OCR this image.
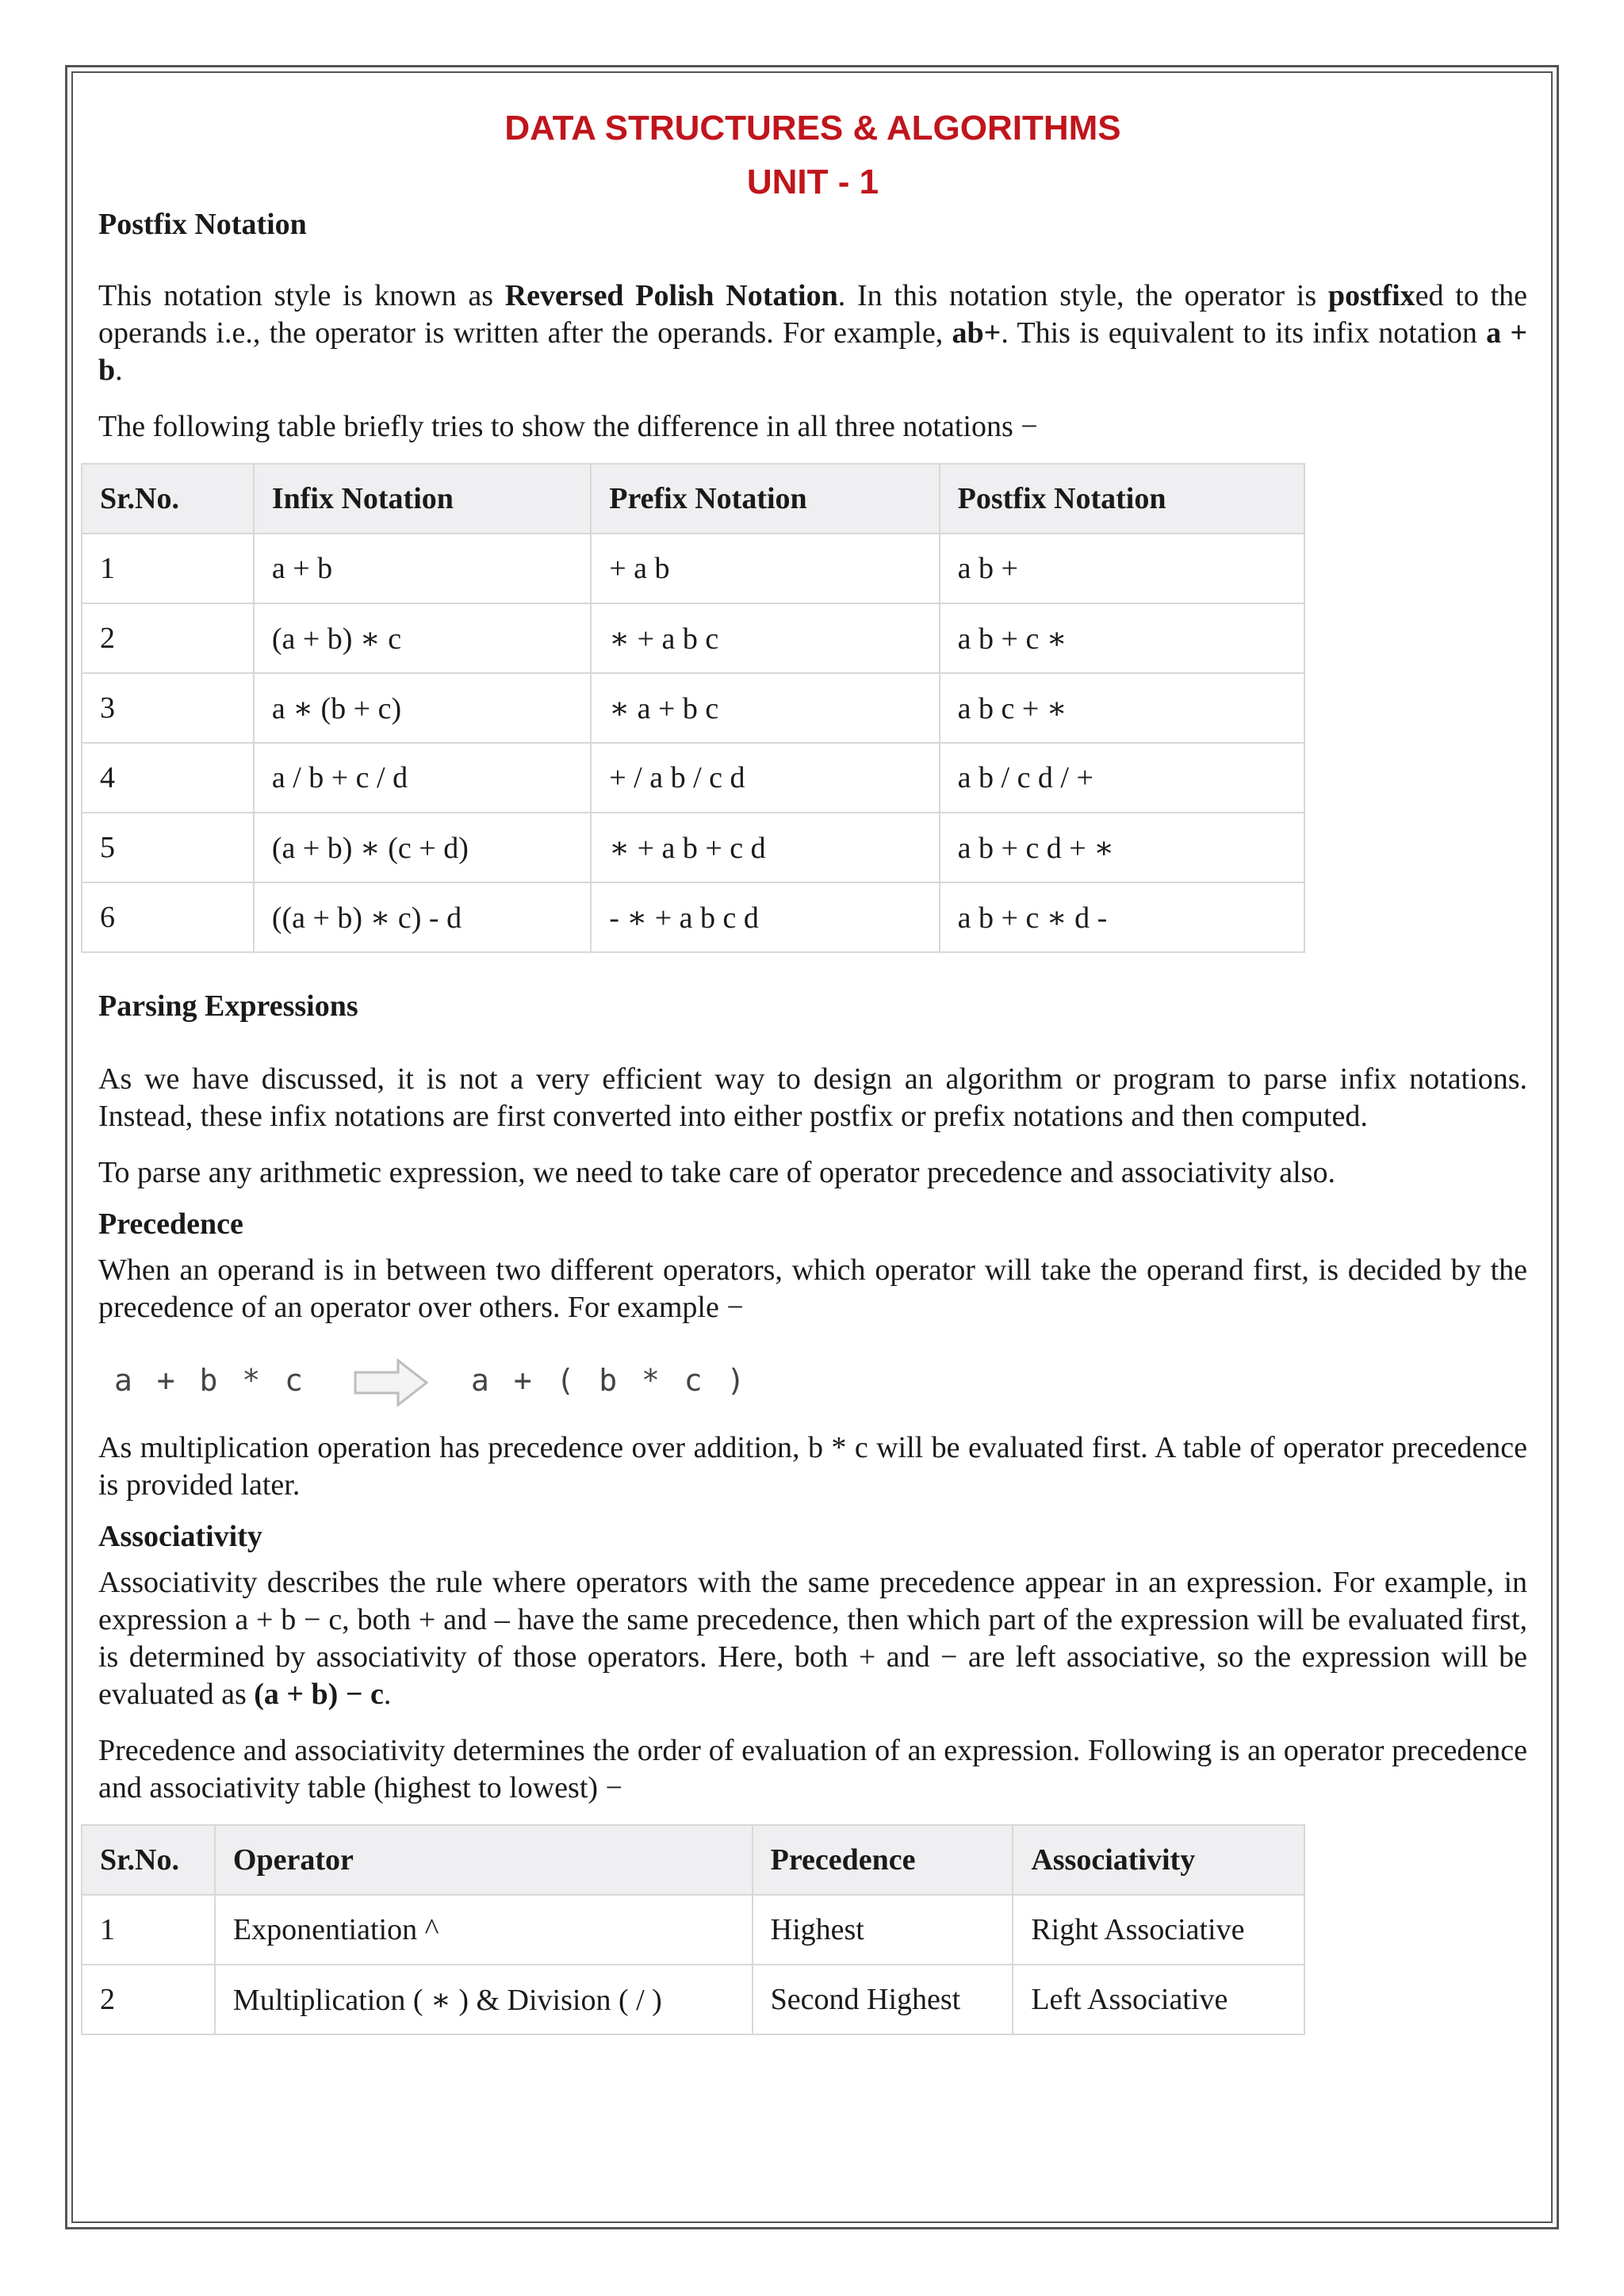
DATA STRUCTURES & ALGORITHMS
UNIT - 1
Postfix Notation

This notation style is known as Reversed Polish Notation. In this notation style, the operator is postfixed to the operands i.e., the operator is written after the operands. For example, ab+. This is equivalent to its infix notation a + b.

The following table briefly tries to show the difference in all three notations −

Sr.No.	Infix Notation	Prefix Notation	Postfix Notation
1	a + b	+ a b	a b +
2	(a + b) ∗ c	∗ + a b c	a b + c ∗
3	a ∗ (b + c)	∗ a + b c	a b c + ∗
4	a / b + c / d	+ / a b / c d	a b / c d / +
5	(a + b) ∗ (c + d)	∗ + a b + c d	a b + c d + ∗
6	((a + b) ∗ c) - d	- ∗ + a b c d	a b + c ∗ d -
Parsing Expressions

As we have discussed, it is not a very efficient way to design an algorithm or program to parse infix notations. Instead, these infix notations are first converted into either postfix or prefix notations and then computed.

To parse any arithmetic expression, we need to take care of operator precedence and associativity also.

Precedence

When an operand is in between two different operators, which operator will take the operand first, is decided by the precedence of an operator over others. For example −

a + b * c	a + ( b * c )

As multiplication operation has precedence over addition, b * c will be evaluated first. A table of operator precedence is provided later.

Associativity

Associativity describes the rule where operators with the same precedence appear in an expression. For example, in expression a + b − c, both + and – have the same precedence, then which part of the expression will be evaluated first, is determined by associativity of those operators. Here, both + and − are left associative, so the expression will be evaluated as (a + b) − c.

Precedence and associativity determines the order of evaluation of an expression. Following is an operator precedence and associativity table (highest to lowest) −

Sr.No.	Operator	Precedence	Associativity
1	Exponentiation ^	Highest	Right Associative
2	Multiplication ( ∗ ) & Division ( / )	Second Highest	Left Associative
